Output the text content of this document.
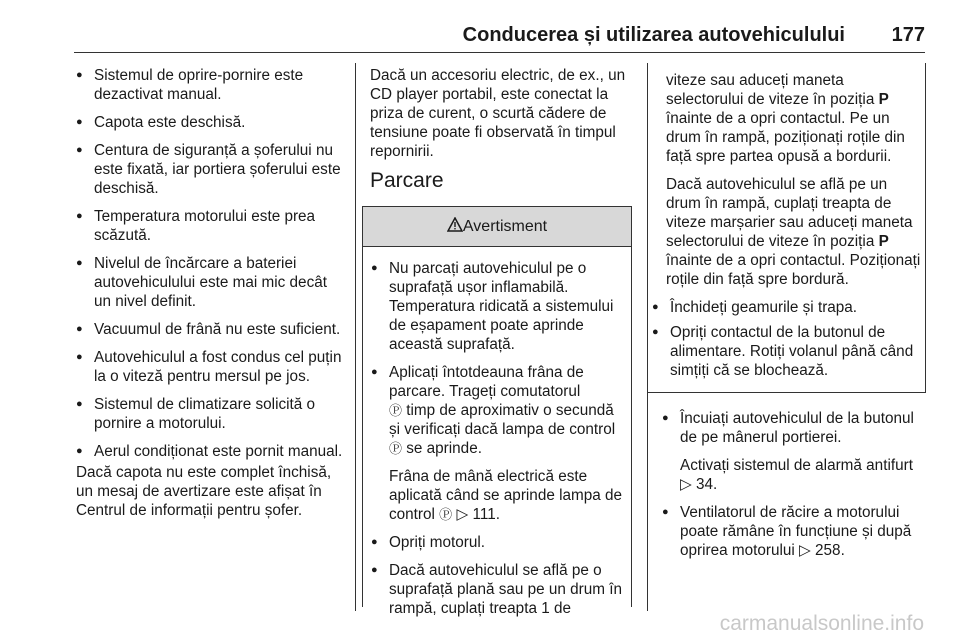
Conducerea și utilizarea autovehiculului 177
● Sistemul de oprire-pornire este dezactivat manual.
● Capota este deschisă.
● Centura de siguranță a șoferului nu este fixată, iar portiera șoferului este deschisă.
● Temperatura motorului este prea scăzută.
● Nivelul de încărcare a bateriei autovehiculului este mai mic decât un nivel definit.
● Vacuumul de frână nu este suficient.
● Autovehiculul a fost condus cel puțin la o viteză pentru mersul pe jos.
● Sistemul de climatizare solicită o pornire a motorului.
● Aerul condiționat este pornit manual.
Dacă capota nu este complet închisă, un mesaj de avertizare este afișat în Centrul de informații pentru șofer.
Dacă un accesoriu electric, de ex., un CD player portabil, este conectat la priza de curent, o scurtă cădere de tensiune poate fi observată în timpul repornirii.
Parcare
Avertisment
● Nu parcați autovehiculul pe o suprafață ușor inflamabilă. Temperatura ridicată a sistemului de eșapament poate aprinde această suprafață.
● Aplicați întotdeauna frâna de parcare. Trageți comutatorul
Ⓟ timp de aproximativ o secundă și verificați dacă lampa de control Ⓟ se aprinde.
Frâna de mână electrică este aplicată când se aprinde lampa de control Ⓟ ▷ 111.
● Opriți motorul.
● Dacă autovehiculul se află pe o suprafață plană sau pe un drum în rampă, cuplați treapta 1 de
viteze sau aduceți maneta selectorului de viteze în poziția P înainte de a opri contactul. Pe un drum în rampă, poziționați roțile din față spre partea opusă a bordurii.
Dacă autovehiculul se află pe un drum în rampă, cuplați treapta de viteze marșarier sau aduceți maneta selectorului de viteze în poziția P înainte de a opri contactul. Poziționați roțile din față spre bordură.
● Închideți geamurile și trapa.
● Opriți contactul de la butonul de alimentare. Rotiți volanul până când simțiți că se blochează.
● Încuiați autovehiculul de la butonul de pe mânerul portierei.
Activați sistemul de alarmă antifurt ▷ 34.
● Ventilatorul de răcire a motorului poate rămâne în funcțiune și după oprirea motorului ▷ 258.
carmanualsonline.info
